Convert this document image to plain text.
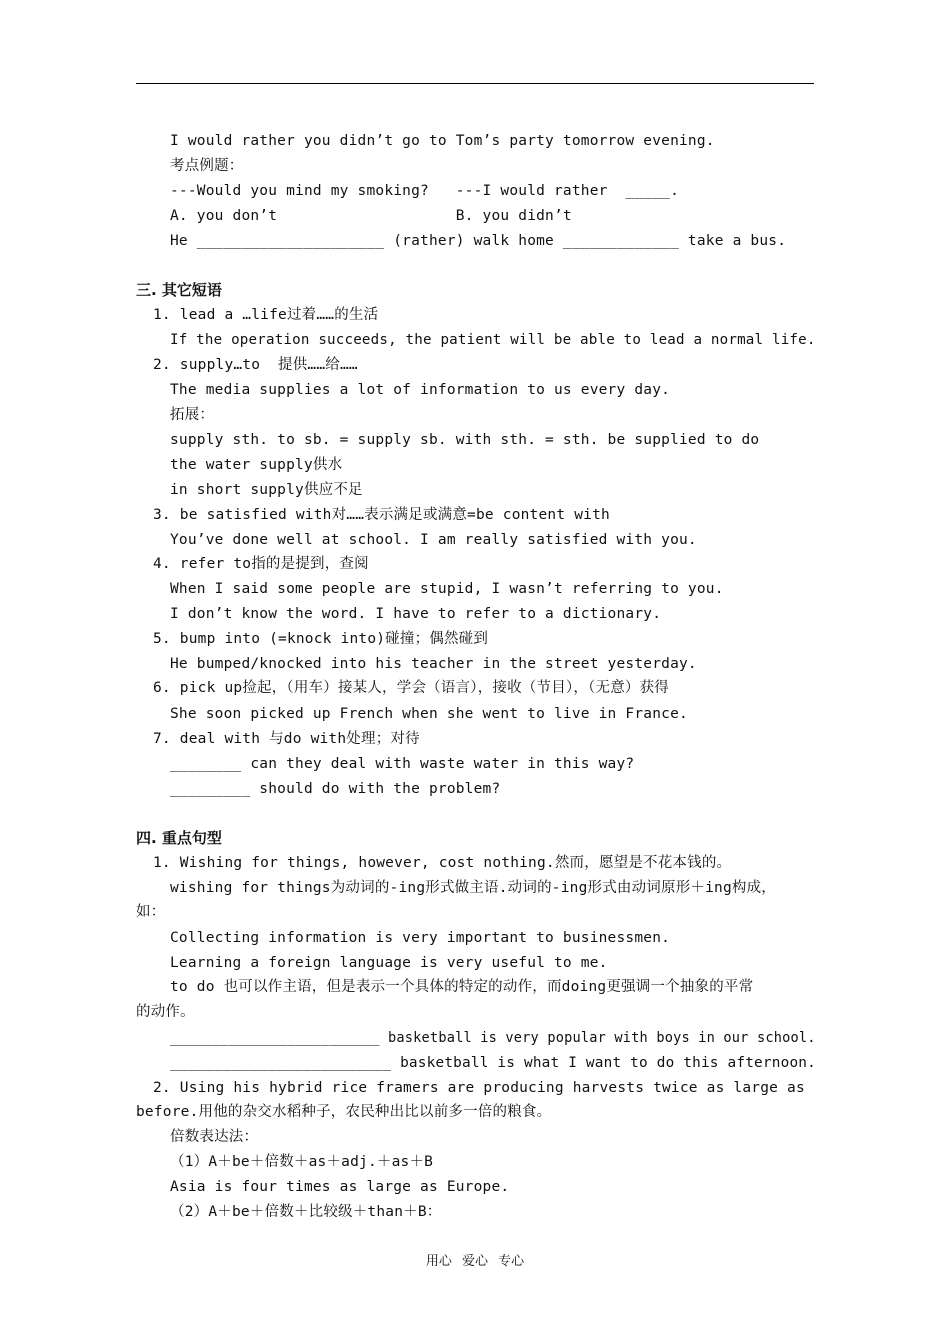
I would rather you didn’t go to Tom’s party tomorrow evening.
考点例题：
---Would you mind my smoking?   ---I would rather  _____.
A. you don’t                    B. you didn’t
He _____________________ (rather) walk home _____________ take a bus.
三. 其它短语
1. lead a …life过着……的生活
If the operation succeeds, the patient will be able to lead a normal life.
2. supply…to  提供……给……
The media supplies a lot of information to us every day.
拓展：
supply sth. to sb. = supply sb. with sth. = sth. be supplied to do
the water supply供水
in short supply供应不足
3. be satisfied with对……表示满足或满意=be content with
You’ve done well at school. I am really satisfied with you.
4. refer to指的是提到，查阅
When I said some people are stupid, I wasn’t referring to you.
I don’t know the word. I have to refer to a dictionary.
5. bump into (=knock into)碰撞；偶然碰到
He bumped/knocked into his teacher in the street yesterday.
6. pick up捡起，（用车）接某人，学会（语言），接收（节目），（无意）获得
She soon picked up French when she went to live in France.
7. deal with 与do with处理；对待
________ can they deal with waste water in this way?
_________ should do with the problem?
四. 重点句型
1. Wishing for things, however, cost nothing.然而，愿望是不花本钱的。
wishing for things为动词的-ing形式做主语.动词的-ing形式由动词原形＋ing构成，
如：
Collecting information is very important to businessmen.
Learning a foreign language is very useful to me.
to do 也可以作主语，但是表示一个具体的特定的动作，而doing更强调一个抽象的平常
的动作。
_________________________ basketball is very popular with boys in our school.
_________________________ basketball is what I want to do this afternoon.
2. Using his hybrid rice framers are producing harvests twice as large as
before.用他的杂交水稻种子，农民种出比以前多一倍的粮食。
倍数表达法：
（1）A＋be＋倍数＋as＋adj.＋as＋B
Asia is four times as large as Europe.
（2）A＋be＋倍数＋比较级＋than＋B：
用心 爱心 专心
